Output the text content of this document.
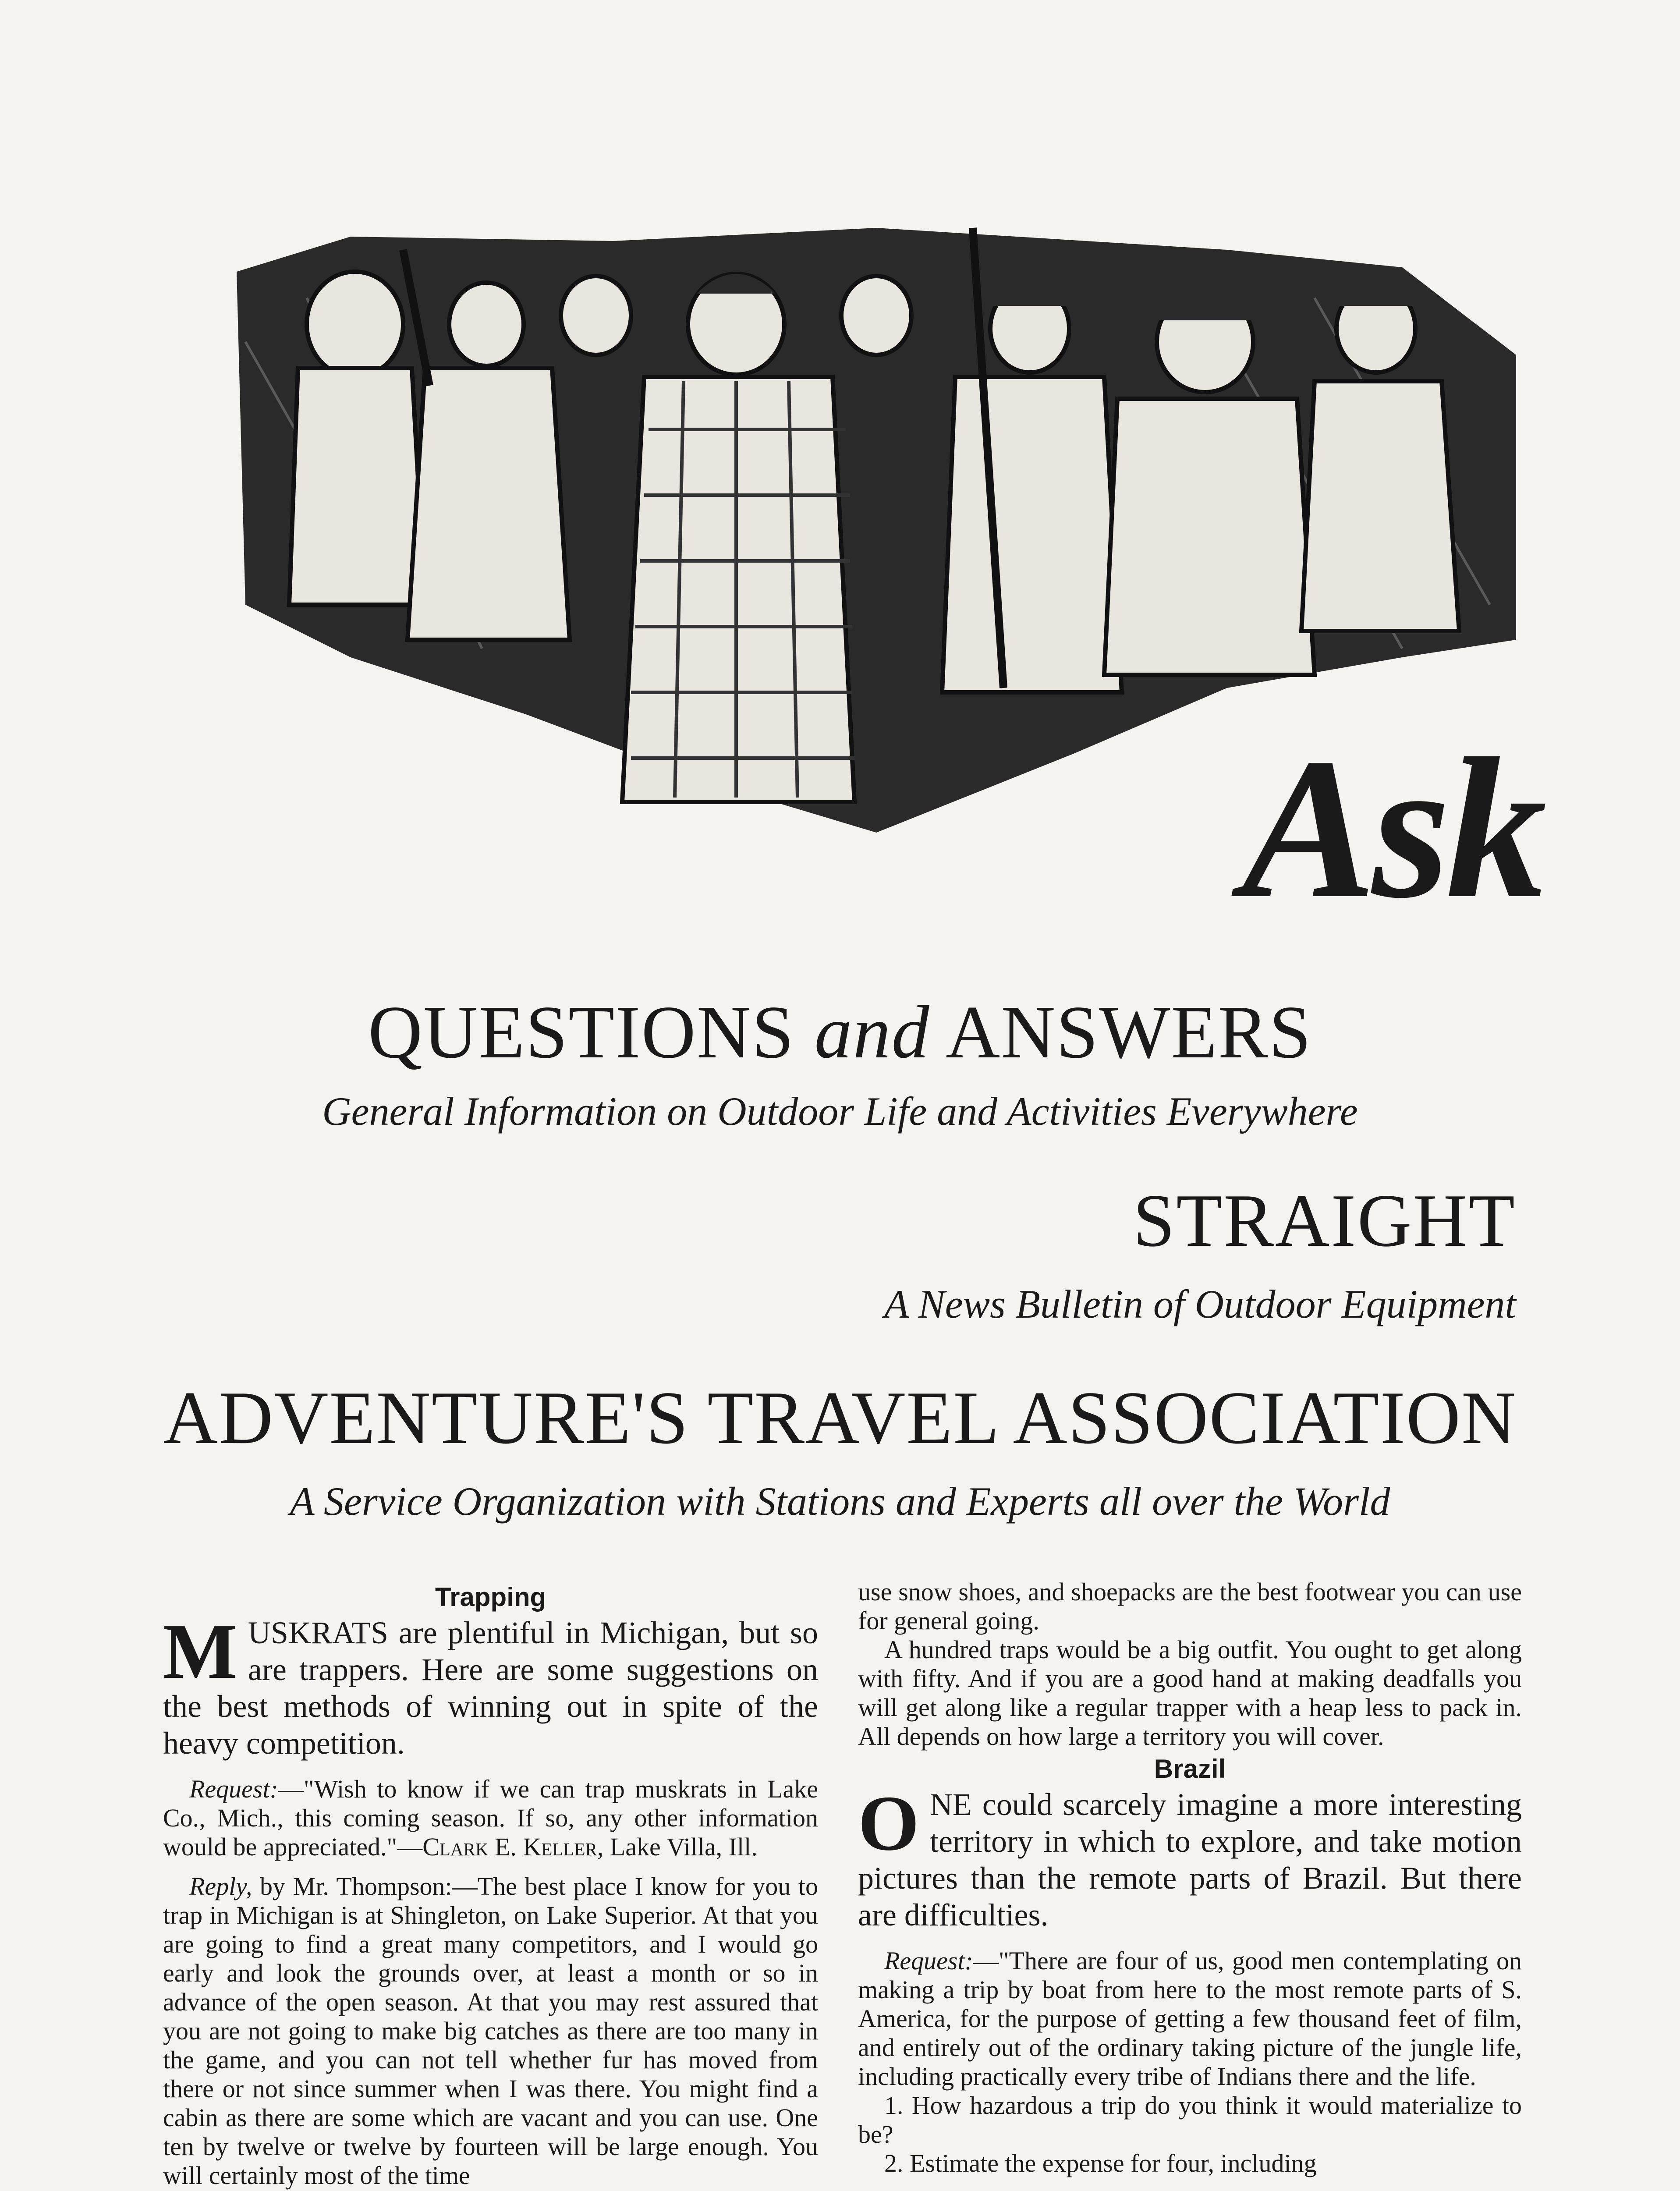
Ask
QUESTIONS and ANSWERS
General Information on Outdoor Life and Activities Everywhere
STRAIGHT
A News Bulletin of Outdoor Equipment
ADVENTURE'S TRAVEL ASSOCIATION
A Service Organization with Stations and Experts all over the World
Trapping

MUSKRATS are plentiful in Michigan, but so are trappers. Here are some suggestions on the best methods of winning out in spite of the heavy competition.

Request:—"Wish to know if we can trap muskrats in Lake Co., Mich., this coming season. If so, any other information would be appreciated."—Clark E. Keller, Lake Villa, Ill.

Reply, by Mr. Thompson:—The best place I know for you to trap in Michigan is at Shingleton, on Lake Superior. At that you are going to find a great many competitors, and I would go early and look the grounds over, at least a month or so in advance of the open season. At that you may rest assured that you are not going to make big catches as there are too many in the game, and you can not tell whether fur has moved from there or not since summer when I was there. You might find a cabin as there are some which are vacant and you can use. One ten by twelve or twelve by fourteen will be large enough. You will certainly most of the time

use snow shoes, and shoepacks are the best footwear you can use for general going.

A hundred traps would be a big outfit. You ought to get along with fifty. And if you are a good hand at making deadfalls you will get along like a regular trapper with a heap less to pack in. All depends on how large a territory you will cover.

Brazil

ONE could scarcely imagine a more interesting territory in which to explore, and take motion pictures than the remote parts of Brazil. But there are difficulties.

Request:—"There are four of us, good men contemplating on making a trip by boat from here to the most remote parts of S. America, for the purpose of getting a few thousand feet of film, and entirely out of the ordinary taking picture of the jungle life, including practically every tribe of Indians there and the life.

1. How hazardous a trip do you think it would materialize to be?

2. Estimate the expense for four, including
